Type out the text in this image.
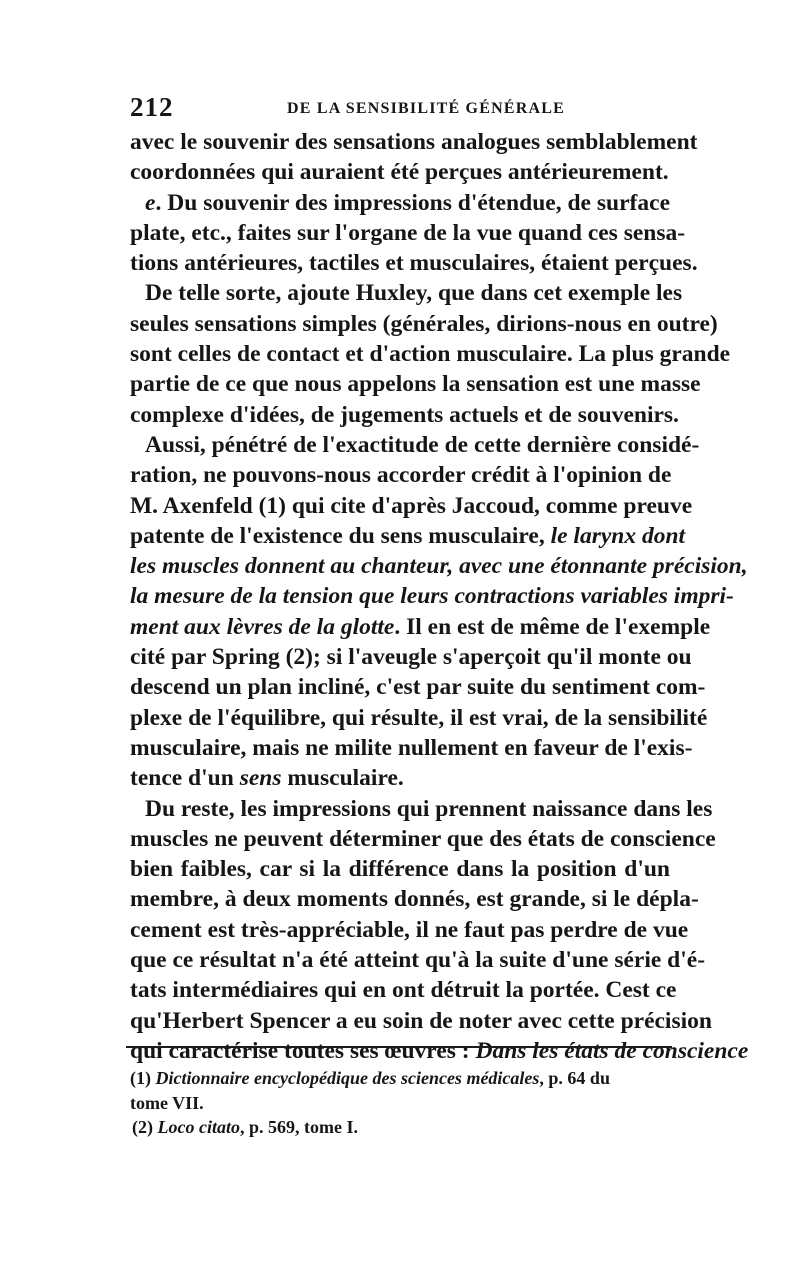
212	DE LA SENSIBILITÉ GÉNÉRALE
avec le souvenir des sensations analogues semblablement
coordonnées qui auraient été perçues antérieurement.
e. Du souvenir des impressions d'étendue, de surface
plate, etc., faites sur l'organe de la vue quand ces sensa-
tions antérieures, tactiles et musculaires, étaient perçues.
De telle sorte, ajoute Huxley, que dans cet exemple les
seules sensations simples (générales, dirions-nous en outre)
sont celles de contact et d'action musculaire. La plus grande
partie de ce que nous appelons la sensation est une masse
complexe d'idées, de jugements actuels et de souvenirs.
Aussi, pénétré de l'exactitude de cette dernière considé-
ration, ne pouvons-nous accorder crédit à l'opinion de
M. Axenfeld (1) qui cite d'après Jaccoud, comme preuve
patente de l'existence du sens musculaire, le larynx dont
les muscles donnent au chanteur, avec une étonnante précision,
la mesure de la tension que leurs contractions variables impri-
ment aux lèvres de la glotte. Il en est de même de l'exemple
cité par Spring (2); si l'aveugle s'aperçoit qu'il monte ou
descend un plan incliné, c'est par suite du sentiment com-
plexe de l'équilibre, qui résulte, il est vrai, de la sensibilité
musculaire, mais ne milite nullement en faveur de l'exis-
tence d'un sens musculaire.
Du reste, les impressions qui prennent naissance dans les
muscles ne peuvent déterminer que des états de conscience
bien faibles, car si la différence dans la position d'un
membre, à deux moments donnés, est grande, si le dépla-
cement est très-appréciable, il ne faut pas perdre de vue
que ce résultat n'a été atteint qu'à la suite d'une série d'é-
tats intermédiaires qui en ont détruit la portée. Cest ce
qu'Herbert Spencer a eu soin de noter avec cette précision
qui caractérise toutes ses œuvres : Dans les états de conscience
(1) Dictionnaire encyclopédique des sciences médicales, p. 64 du
tome VII.
(2) Loco citato, p. 569, tome I.
